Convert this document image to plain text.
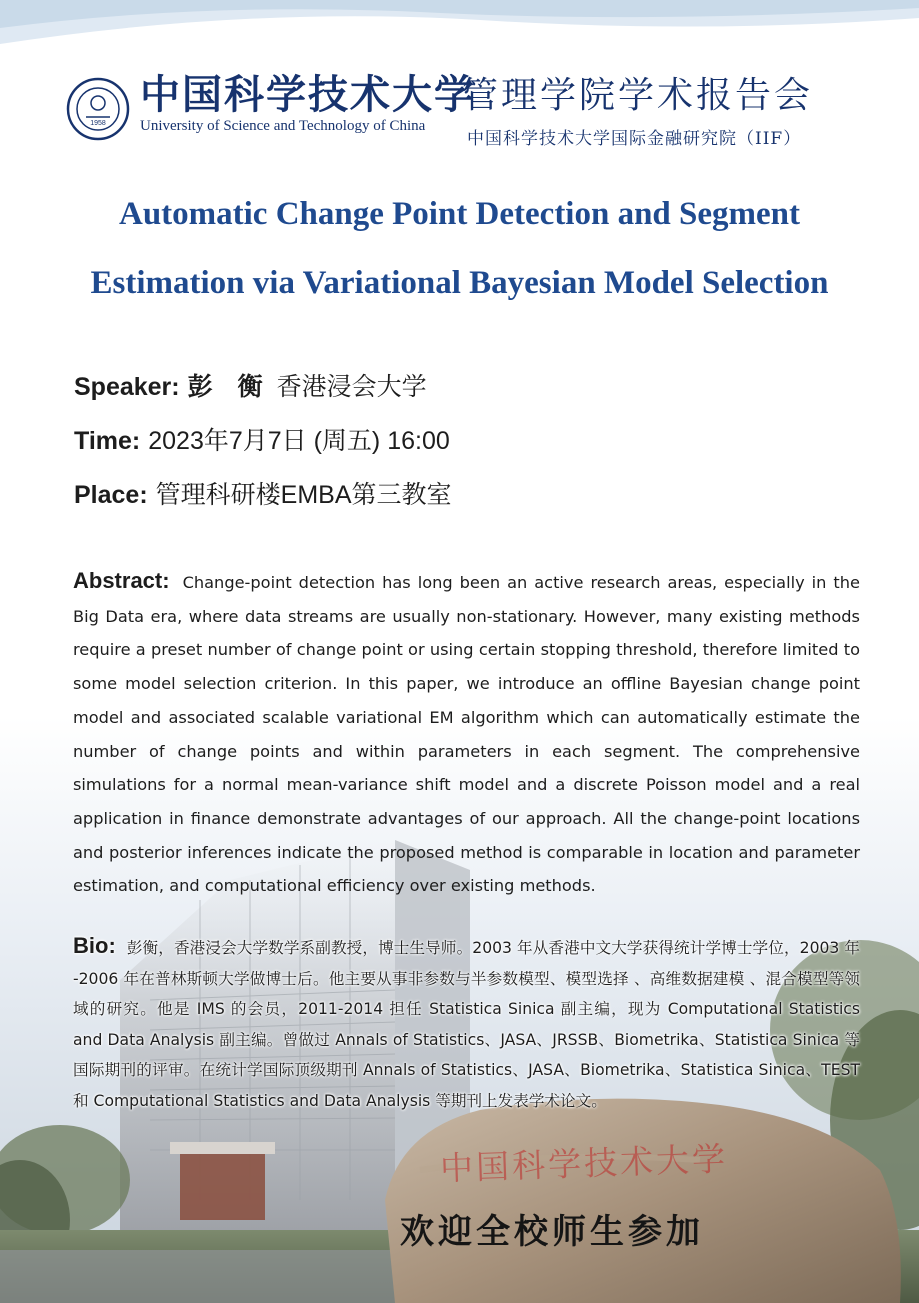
1958
中国科学技术大学
University of Science and Technology of China
管理学院学术报告会
中国科学技术大学国际金融研究院（IIF）
Automatic Change Point Detection and Segment
Estimation via Variational Bayesian Model Selection
Speaker: 彭　衡 香港浸会大学
Time: 2023年7月7日 (周五) 16:00
Place: 管理科研楼EMBA第三教室
Abstract: Change-point detection has long been an active research areas, especially in the Big Data era, where data streams are usually non-stationary. However, many existing methods require a preset number of change point or using certain stopping threshold, therefore limited to some model selection criterion. In this paper, we introduce an offline Bayesian change point model and associated scalable variational EM algorithm which can automatically estimate the number of change points and within parameters in each segment. The comprehensive simulations for a normal mean-variance shift model and a discrete Poisson model and a real application in finance demonstrate advantages of our approach. All the change-point locations and posterior inferences indicate the proposed method is comparable in location and parameter estimation, and computational efficiency over existing methods.
Bio: 彭衡，香港浸会大学数学系副教授，博士生导师。2003 年从香港中文大学获得统计学博士学位，2003 年 -2006 年在普林斯顿大学做博士后。他主要从事非参数与半参数模型、模型选择 、高维数据建模 、混合模型等领域的研究。他是 IMS 的会员，2011-2014 担任 Statistica Sinica 副主编，现为 Computational Statistics and Data Analysis 副主编。曾做过 Annals of Statistics、JASA、JRSSB、Biometrika、Statistica Sinica 等国际期刊的评审。在统计学国际顶级期刊 Annals of Statistics、JASA、Biometrika、Statistica Sinica、TEST 和 Computational Statistics and Data Analysis 等期刊上发表学术论文。
中国科学技术大学
欢迎全校师生参加
